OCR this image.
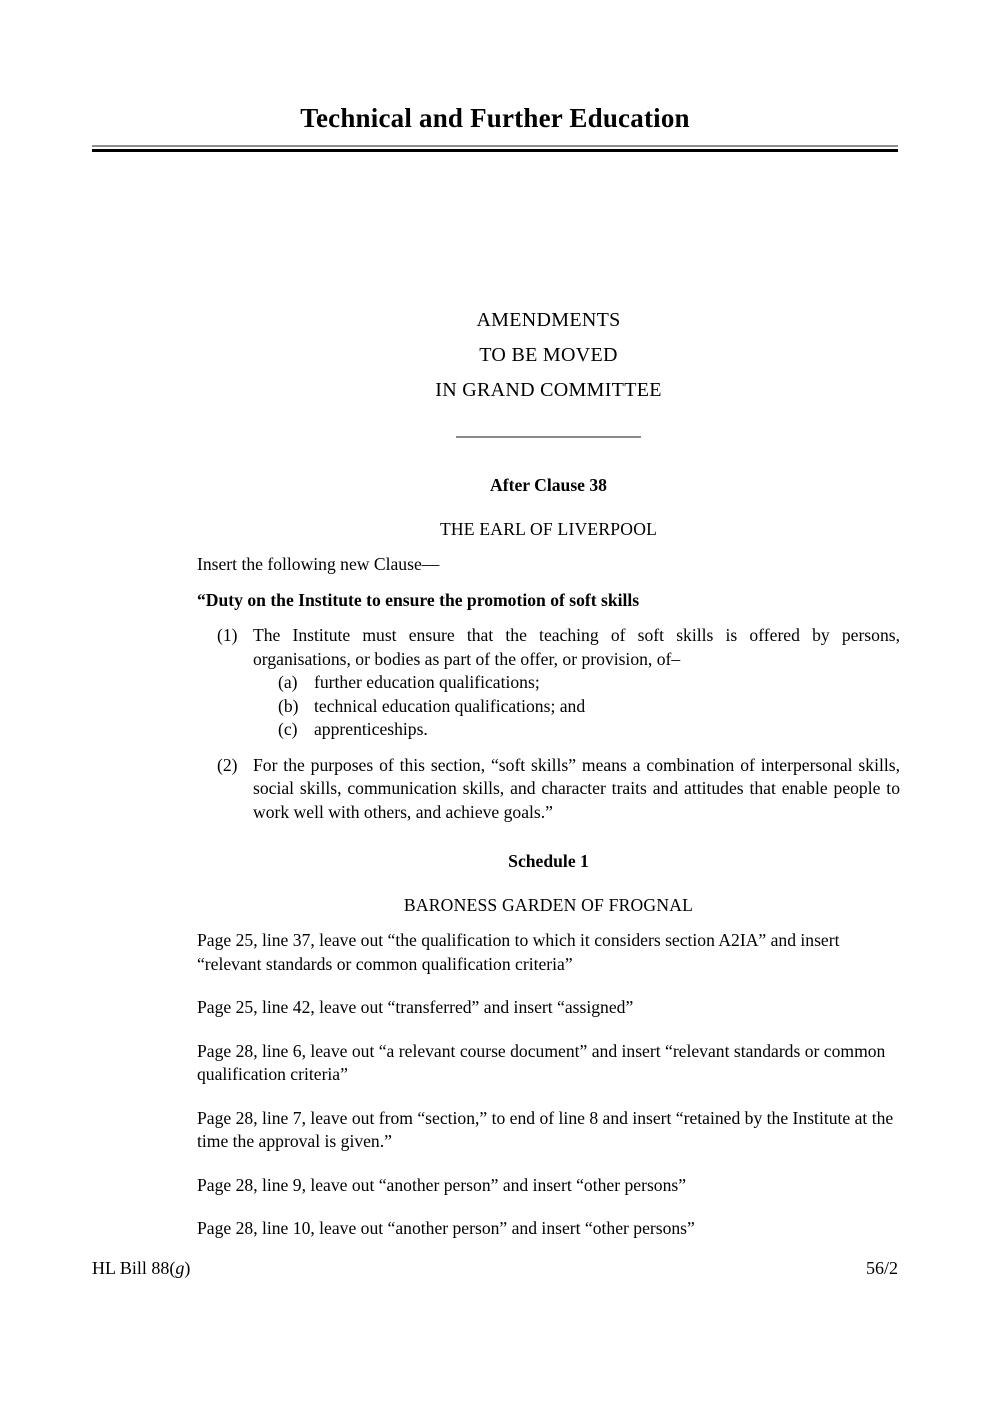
Technical and Further Education
AMENDMENTS
TO BE MOVED
IN GRAND COMMITTEE
After Clause 38
THE EARL OF LIVERPOOL
Insert the following new Clause—
“Duty on the Institute to ensure the promotion of soft skills
(1) The Institute must ensure that the teaching of soft skills is offered by persons, organisations, or bodies as part of the offer, or provision, of–
(a) further education qualifications;
(b) technical education qualifications; and
(c) apprenticeships.
(2) For the purposes of this section, “soft skills” means a combination of interpersonal skills, social skills, communication skills, and character traits and attitudes that enable people to work well with others, and achieve goals.”
Schedule 1
BARONESS GARDEN OF FROGNAL
Page 25, line 37, leave out “the qualification to which it considers section A2IA” and insert “relevant standards or common qualification criteria”
Page 25, line 42, leave out “transferred” and insert “assigned”
Page 28, line 6, leave out “a relevant course document” and insert “relevant standards or common qualification criteria”
Page 28, line 7, leave out from “section,” to end of line 8 and insert “retained by the Institute at the time the approval is given.”
Page 28, line 9, leave out “another person” and insert “other persons”
Page 28, line 10, leave out “another person” and insert “other persons”
HL Bill 88(g)	56/2
